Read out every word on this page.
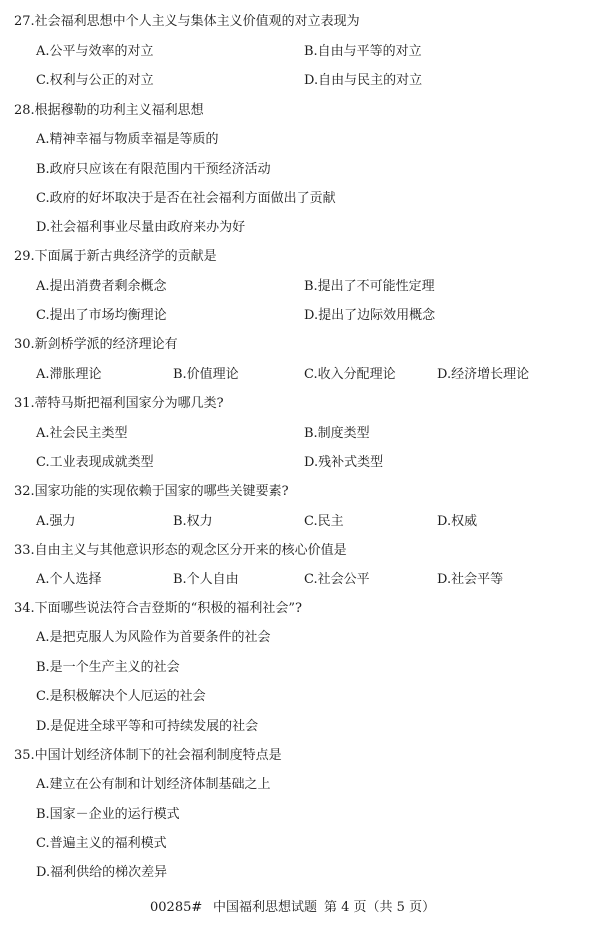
27.社会福利思想中个人主义与集体主义价值观的对立表现为
A.公平与效率的对立	B.自由与平等的对立
C.权利与公正的对立	D.自由与民主的对立
28.根据穆勒的功利主义福利思想
A.精神幸福与物质幸福是等质的
B.政府只应该在有限范围内干预经济活动
C.政府的好坏取决于是否在社会福利方面做出了贡献
D.社会福利事业尽量由政府来办为好
29.下面属于新古典经济学的贡献是
A.提出消费者剩余概念	B.提出了不可能性定理
C.提出了市场均衡理论	D.提出了边际效用概念
30.新剑桥学派的经济理论有
A.滞胀理论	B.价值理论	C.收入分配理论	D.经济增长理论
31.蒂特马斯把福利国家分为哪几类?
A.社会民主类型	B.制度类型
C.工业表现成就类型	D.残补式类型
32.国家功能的实现依赖于国家的哪些关键要素?
A.强力	B.权力	C.民主	D.权威
33.自由主义与其他意识形态的观念区分开来的核心价值是
A.个人选择	B.个人自由	C.社会公平	D.社会平等
34.下面哪些说法符合吉登斯的“积极的福利社会”?
A.是把克服人为风险作为首要条件的社会
B.是一个生产主义的社会
C.是积极解决个人厄运的社会
D.是促进全球平等和可持续发展的社会
35.中国计划经济体制下的社会福利制度特点是
A.建立在公有制和计划经济体制基础之上
B.国家－企业的运行模式
C.普遍主义的福利模式
D.福利供给的梯次差异
00285# 中国福利思想试题 第 4 页（共 5 页）
